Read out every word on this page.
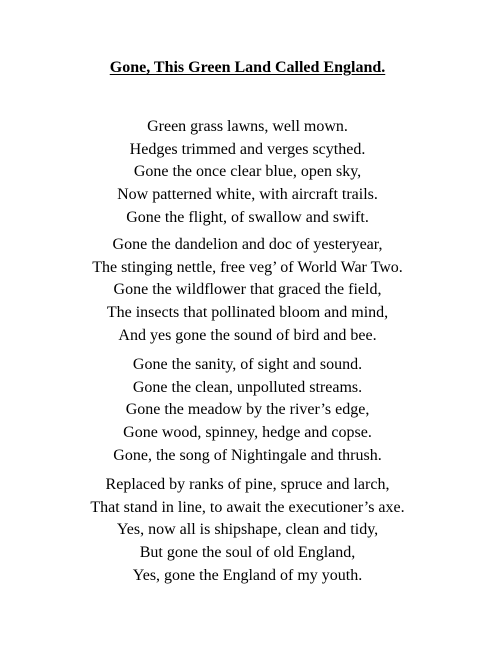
Gone, This Green Land Called England.
Green grass lawns, well mown.
Hedges trimmed and verges scythed.
Gone the once clear blue, open sky,
Now patterned white, with aircraft trails.
Gone the flight, of swallow and swift.
Gone the dandelion and doc of yesteryear,
The stinging nettle, free veg’ of World War Two.
Gone the wildflower that graced the field,
The insects that pollinated bloom and mind,
And yes gone the sound of bird and bee.
Gone the sanity, of sight and sound.
Gone the clean, unpolluted streams.
Gone the meadow by the river’s edge,
Gone wood, spinney, hedge and copse.
Gone, the song of Nightingale and thrush.
Replaced by ranks of pine, spruce and larch,
That stand in line, to await the executioner’s axe.
Yes, now all is shipshape, clean and tidy,
But gone the soul of old England,
Yes, gone the England of my youth.
